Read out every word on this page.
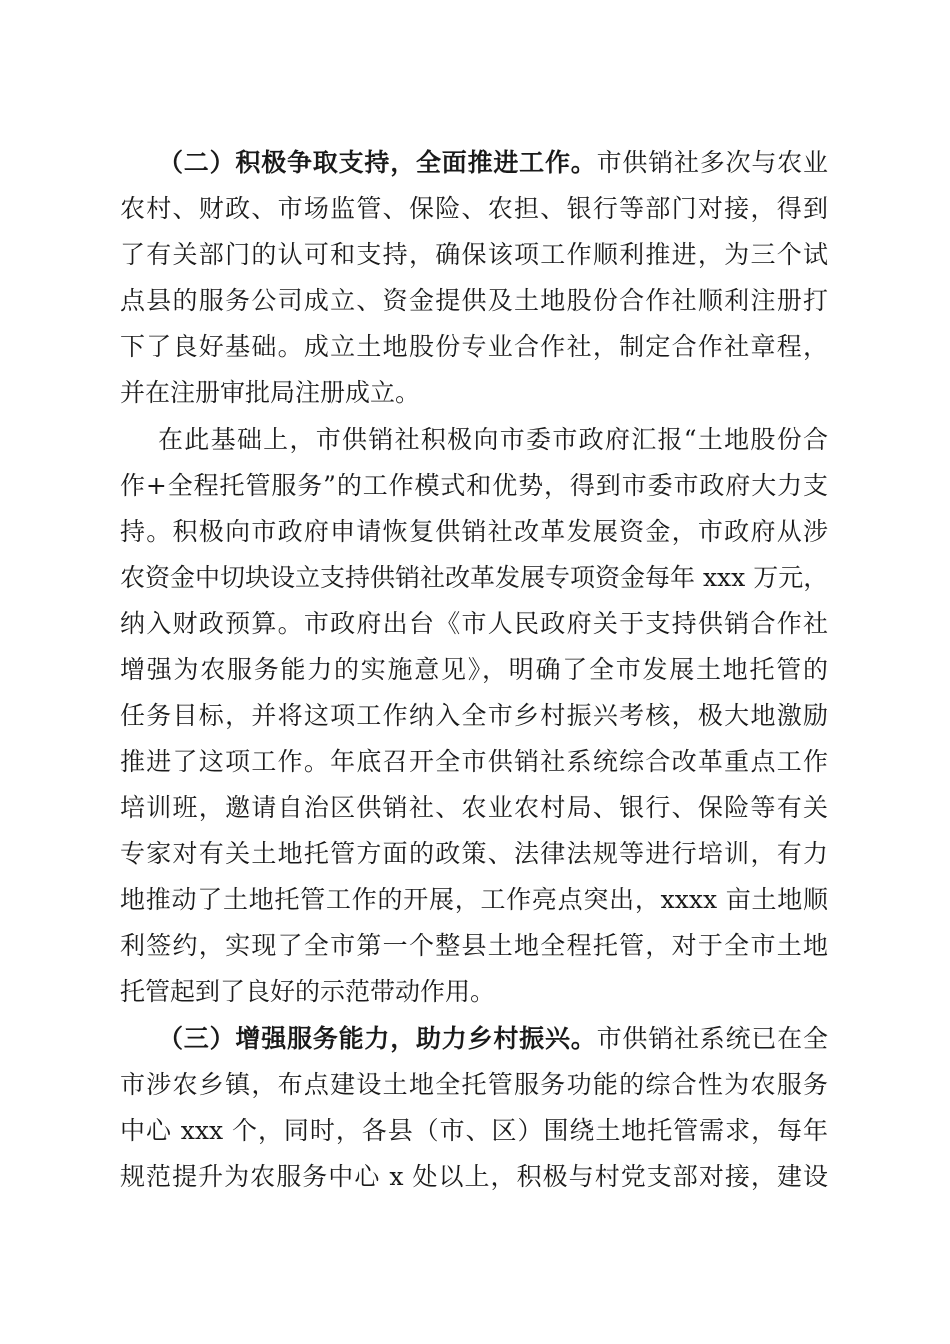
（二）积极争取支持，全面推进工作。市供销社多次与农业
农村、财政、市场监管、保险、农担、银行等部门对接，得到
了有关部门的认可和支持，确保该项工作顺利推进，为三个试
点县的服务公司成立、资金提供及土地股份合作社顺利注册打
下了良好基础。成立土地股份专业合作社，制定合作社章程，
并在注册审批局注册成立。
在此基础上，市供销社积极向市委市政府汇报“土地股份合
作+全程托管服务”的工作模式和优势，得到市委市政府大力支
持。积极向市政府申请恢复供销社改革发展资金，市政府从涉
农资金中切块设立支持供销社改革发展专项资金每年 xxx 万元，
纳入财政预算。市政府出台《市人民政府关于支持供销合作社
增强为农服务能力的实施意见》，明确了全市发展土地托管的
任务目标，并将这项工作纳入全市乡村振兴考核，极大地激励
推进了这项工作。年底召开全市供销社系统综合改革重点工作
培训班，邀请自治区供销社、农业农村局、银行、保险等有关
专家对有关土地托管方面的政策、法律法规等进行培训，有力
地推动了土地托管工作的开展，工作亮点突出，xxxx 亩土地顺
利签约，实现了全市第一个整县土地全程托管，对于全市土地
托管起到了良好的示范带动作用。
（三）增强服务能力，助力乡村振兴。市供销社系统已在全
市涉农乡镇，布点建设土地全托管服务功能的综合性为农服务
中心 xxx 个，同时，各县（市、区）围绕土地托管需求，每年
规范提升为农服务中心 x 处以上，积极与村党支部对接，建设
